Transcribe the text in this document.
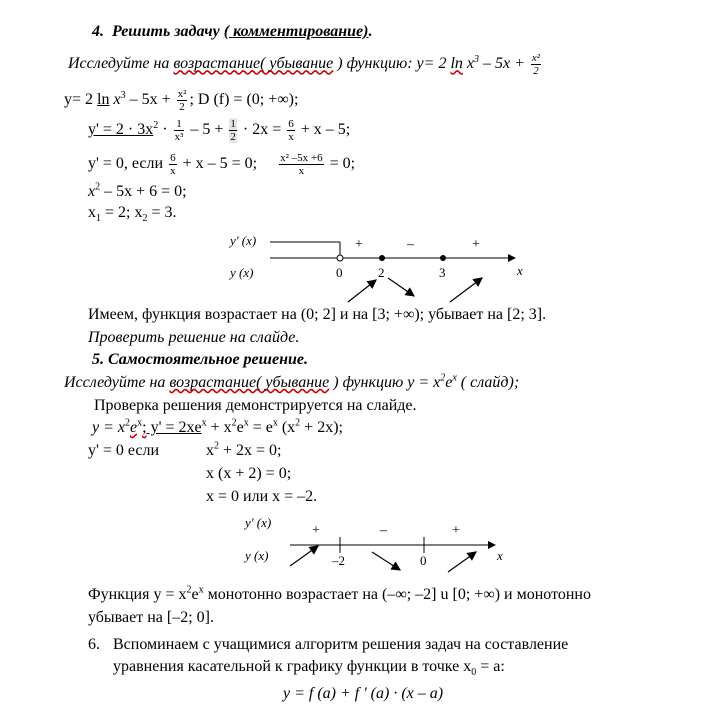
4. Решить задачу ( комментирование).
Исследуйте на возрастание( убывание ) функцию: y= 2 $\ln x^3 - 5x + \frac{\text{x²}}{2}$
y= 2 $\ln x^3 - 5x + \frac{\text{x²}}{2}$ ; D (f) = (0; +∞);
$y' = 2 \cdot 3x^2 \cdot \frac{1}{\text{x³}} - 5 + \frac{1}{2} \cdot 2x = \frac{6}{x} + x - 5$;
y' = 0, если $\frac{6}{x} + x - 5 = 0$; $\frac{\text{x² –5x +6}}{x} = 0$;
$x^2 - 5x + 6 = 0$;
$x_1 = 2$; $x_2 = 3$.
y' (x)
y (x)
+	–	+
0	2	3	x
Имеем, функция возрастает на (0; 2] и на [3; +∞); убывает на [2; 3].
Проверить решение на слайде.
5. Самостоятельное решение.
Исследуйте на возрастание( убывание ) функцию $y = x^2e^x$ ( слайд);
Проверка решения демонстрируется на слайде.
$y = x^2e^x$; $y' = 2xe^x + x^2e^x = e^x$ $(x^2 + 2x)$;
y' = 0 если	$x^2 + 2x = 0$;
x (x + 2) = 0;
x = 0 или x = –2.
y' (x)
y (x)
+	–	+
–2	0	x
Функция $y = x^2e^x$ монотонно возрастает на (–∞; –2] u [0; +∞) и монотонно
убывает на [–2; 0].
6. Вспоминаем с учащимися алгоритм решения задач на составление
уравнения касательной к графику функции в точке $x_0 = a$:
y = f (a) + f ' (a) · (x – a)
